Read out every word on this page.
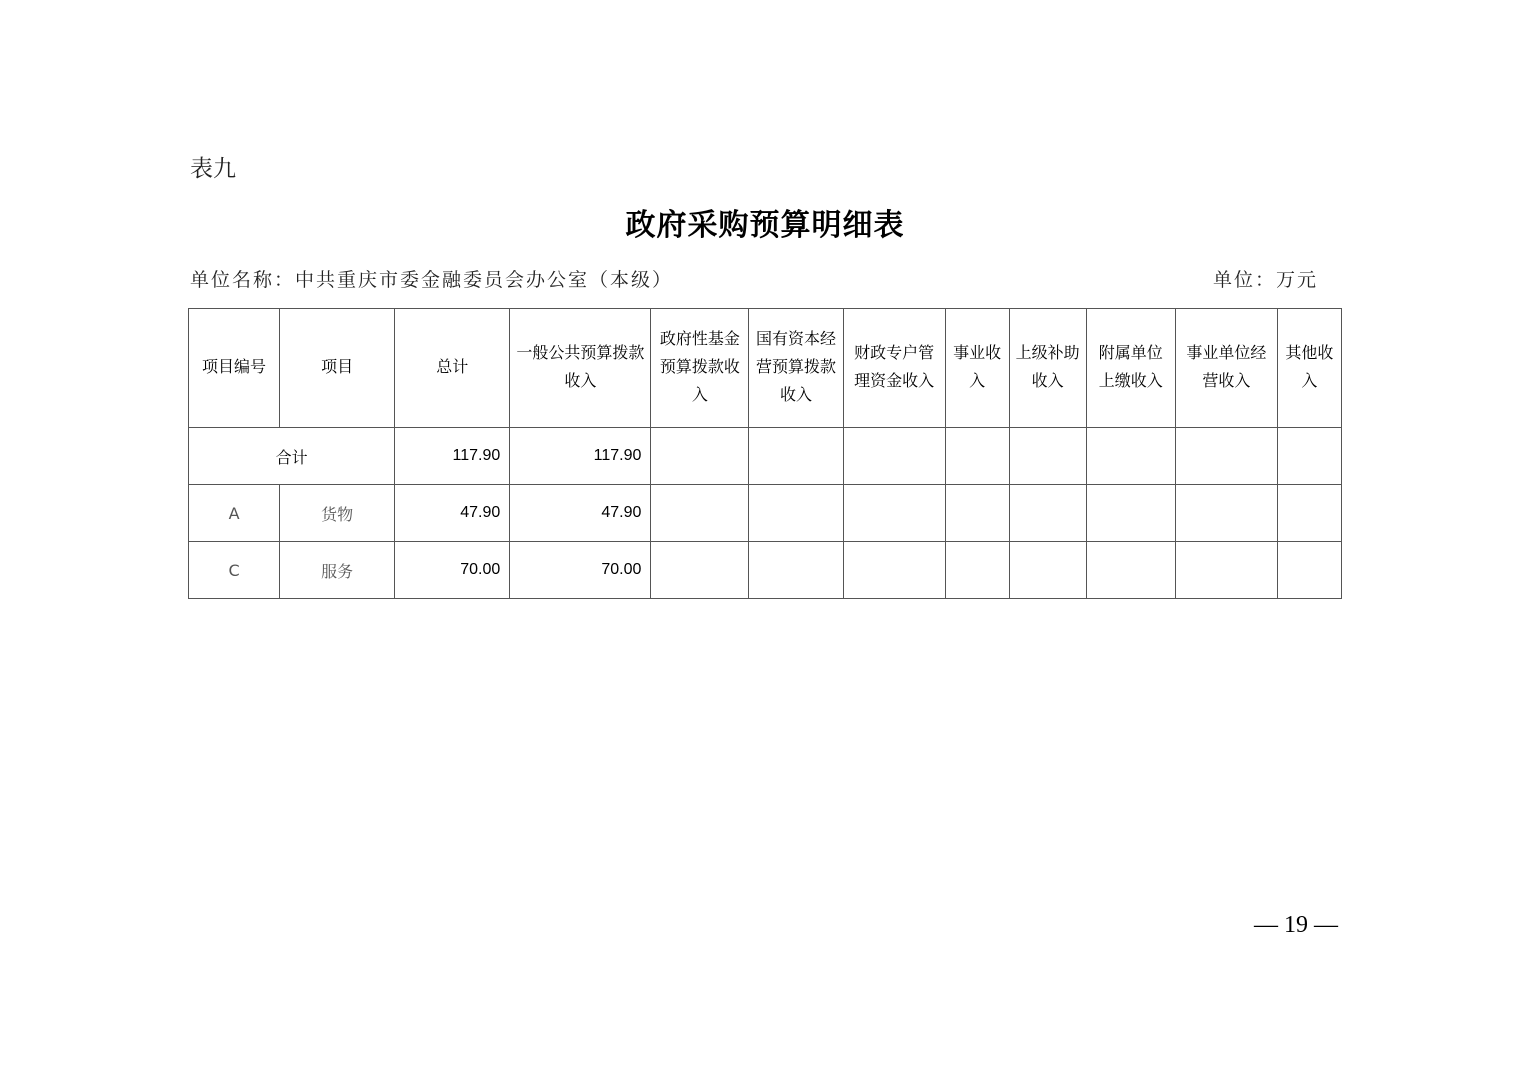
表九
政府采购预算明细表
单位名称：中共重庆市委金融委员会办公室（本级）	单位：万元
项目编号	项目	总计	一般公共预算拨款收入	政府性基金预算拨款收入	国有资本经营预算拨款收入	财政专户管理资金收入	事业收入	上级补助收入	附属单位上缴收入	事业单位经营收入	其他收入
合计		117.90	117.90								
A	货物	47.90	47.90								
C	服务	70.00	70.00								
— 19 —
